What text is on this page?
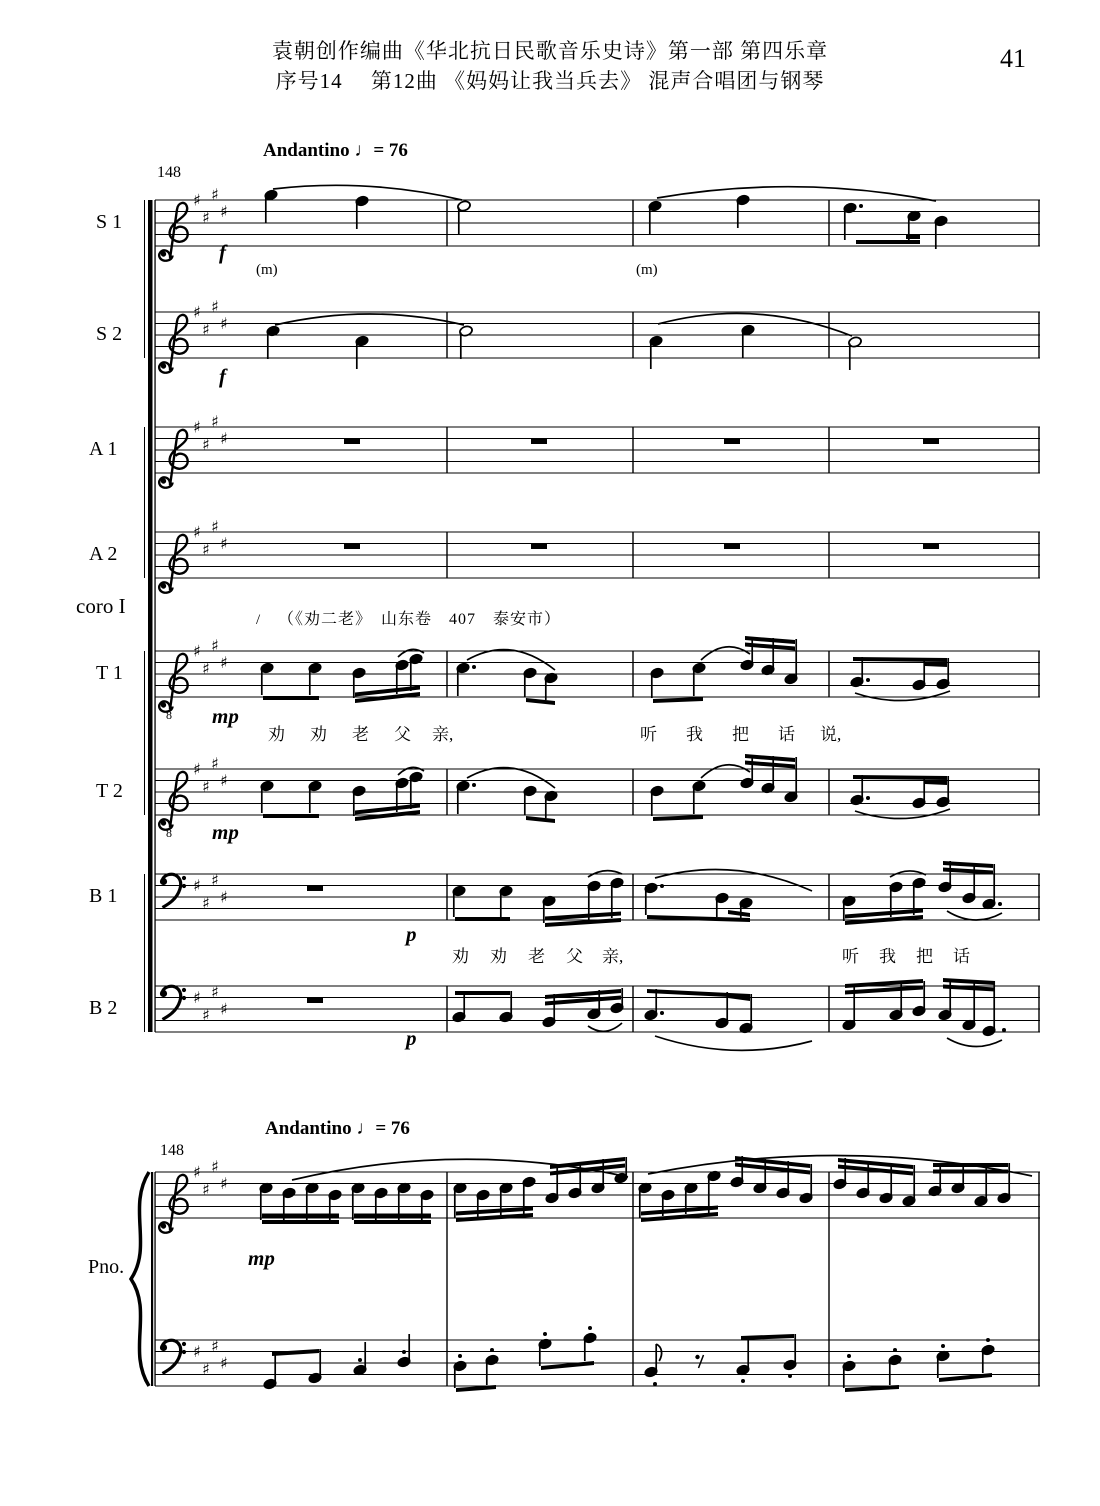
袁朝创作编曲《华北抗日民歌音乐史诗》第一部 第四乐章
序号14　 第12曲 《妈妈让我当兵去》 混声合唱团与钢琴
41
♯
♯
♯
♯
♯
♯
♯
♯
♯
♯
♯
♯
♯
♯
♯
♯
8
♯
♯
♯
♯
8
♯
♯
♯
♯
♯
♯
♯
♯
♯
♯
♯
♯
♯
♯
♯
♯
♯
♯
♯
♯
S 1
S 2
A 1
A 2
T 1
T 2
B 1
B 2
Andantino ♩= 76
148
(m)	(m)
/ （《劝二老》　山东卷　407　泰安市）
coro I
f
f
mp
mp
p
p
Andantino ♩= 76
148
Pno.	mp
劝 劝 老 父 亲,	听 我 把 话 说,
劝 劝 老 父 亲,	听 我 把 话
